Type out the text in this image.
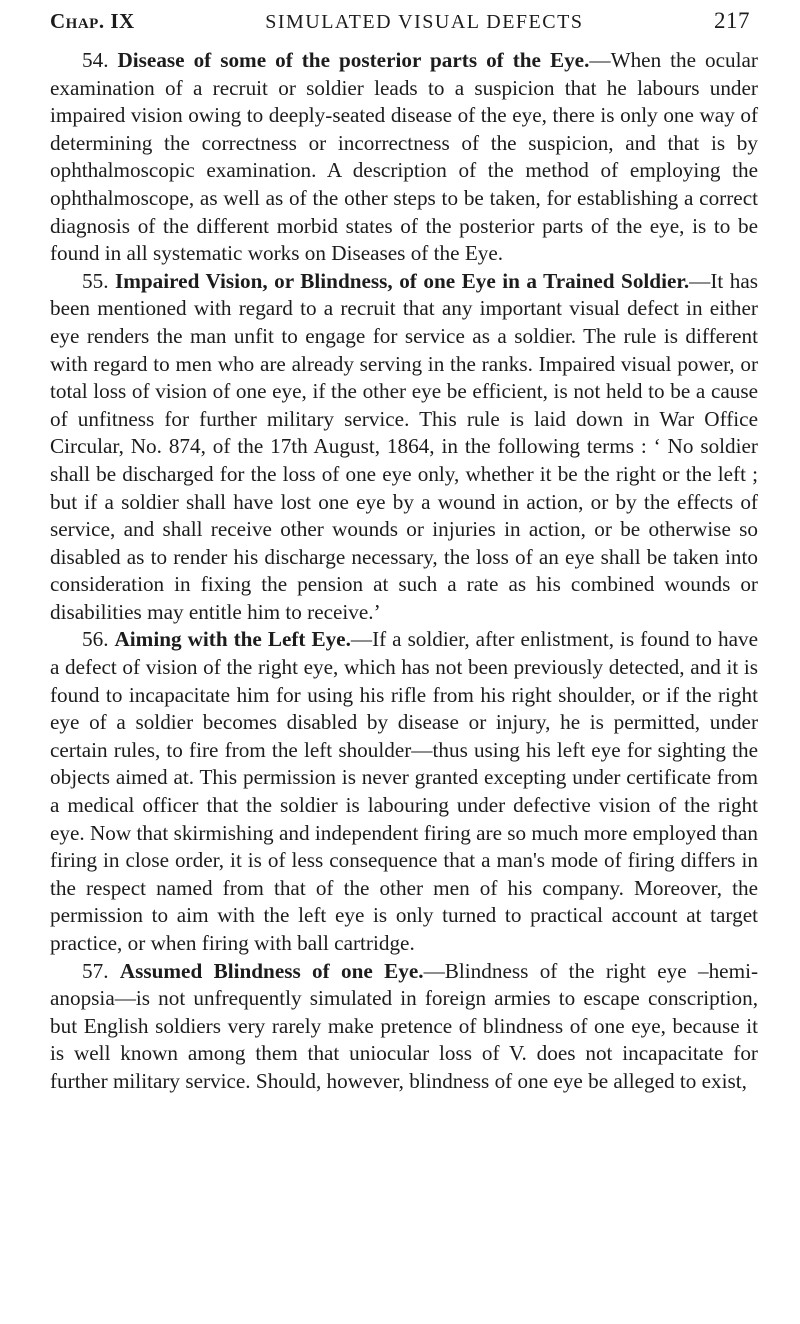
Chap. IX	SIMULATED VISUAL DEFECTS	217

54. Disease of some of the posterior parts of the Eye.—When the ocular examination of a recruit or soldier leads to a suspicion that he labours under impaired vision owing to deeply-seated disease of the eye, there is only one way of determining the correctness or incorrectness of the suspicion, and that is by ophthalmoscopic examination. A description of the method of employing the ophthalmoscope, as well as of the other steps to be taken, for establishing a correct diagnosis of the different morbid states of the posterior parts of the eye, is to be found in all systematic works on Diseases of the Eye.

55. Impaired Vision, or Blindness, of one Eye in a Trained Soldier.—It has been mentioned with regard to a recruit that any important visual defect in either eye renders the man unfit to engage for service as a soldier. The rule is different with regard to men who are already serving in the ranks. Impaired visual power, or total loss of vision of one eye, if the other eye be efficient, is not held to be a cause of unfitness for further military service. This rule is laid down in War Office Circular, No. 874, of the 17th August, 1864, in the following terms : ‘ No soldier shall be discharged for the loss of one eye only, whether it be the right or the left ; but if a soldier shall have lost one eye by a wound in action, or by the effects of service, and shall receive other wounds or injuries in action, or be otherwise so disabled as to render his discharge necessary, the loss of an eye shall be taken into consideration in fixing the pension at such a rate as his combined wounds or disabilities may entitle him to receive.’

56. Aiming with the Left Eye.—If a soldier, after enlistment, is found to have a defect of vision of the right eye, which has not been previously detected, and it is found to incapacitate him for using his rifle from his right shoulder, or if the right eye of a soldier becomes disabled by disease or injury, he is permitted, under certain rules, to fire from the left shoulder—thus using his left eye for sighting the objects aimed at. This permission is never granted excepting under certificate from a medical officer that the soldier is labouring under defective vision of the right eye. Now that skirmishing and independent firing are so much more employed than firing in close order, it is of less consequence that a man's mode of firing differs in the respect named from that of the other men of his company. Moreover, the permission to aim with the left eye is only turned to practical account at target practice, or when firing with ball cartridge.

57. Assumed Blindness of one Eye.—Blindness of the right eye –hemi-anopsia—is not unfrequently simulated in foreign armies to escape conscription, but English soldiers very rarely make pretence of blindness of one eye, because it is well known among them that uniocular loss of V. does not incapacitate for further military service. Should, however, blindness of one eye be alleged to exist,
